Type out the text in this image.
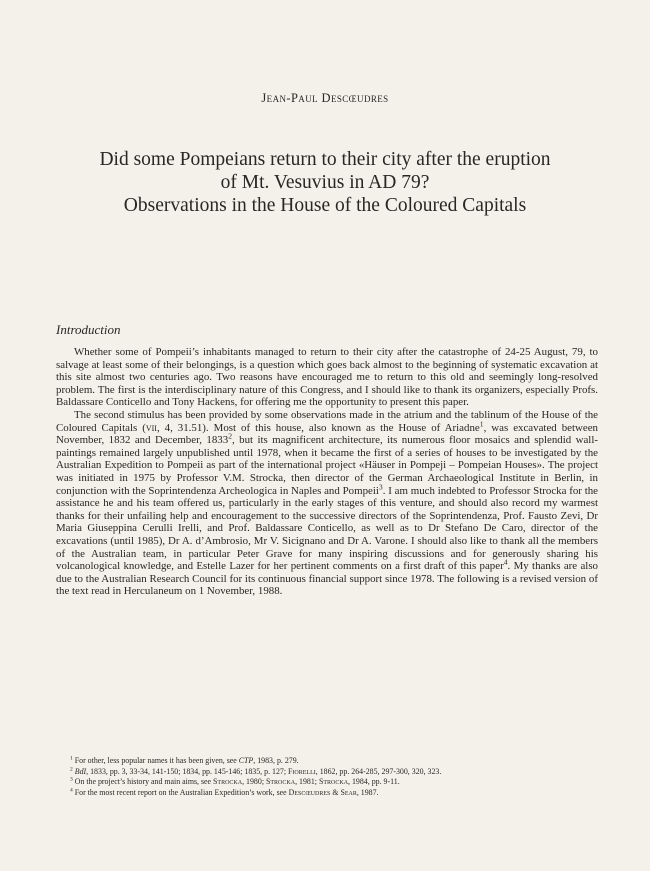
Jean-Paul Descœudres
Did some Pompeians return to their city after the eruption
of Mt. Vesuvius in AD 79?
Observations in the House of the Coloured Capitals
Introduction

Whether some of Pompeii’s inhabitants managed to return to their city after the catastrophe of 24-25 August, 79, to salvage at least some of their belongings, is a question which goes back almost to the beginning of systematic excavation at this site almost two centuries ago. Two reasons have encouraged me to return to this old and seemingly long-resolved problem. The first is the interdisciplinary nature of this Congress, and I should like to thank its organizers, especially Profs. Baldassare Conticello and Tony Hackens, for offering me the opportunity to present this paper.

The second stimulus has been provided by some observations made in the atrium and the tablinum of the House of the Coloured Capitals (vii, 4, 31.51). Most of this house, also known as the House of Ariadne$^1$, was excavated between November, 1832 and December, 1833$^2$, but its magnificent architecture, its numerous floor mosaics and splendid wall-paintings remained largely unpublished until 1978, when it became the first of a series of houses to be investigated by the Australian Expedition to Pompeii as part of the international project «Häuser in Pompeji – Pompeian Houses». The project was initiated in 1975 by Professor V.M. Strocka, then director of the German Archaeological Institute in Berlin, in conjunction with the Soprintendenza Archeologica in Naples and Pompeii$^3$. I am much indebted to Professor Strocka for the assistance he and his team offered us, particularly in the early stages of this venture, and should also record my warmest thanks for their unfailing help and encouragement to the successive directors of the Soprintendenza, Prof. Fausto Zevi, Dr Maria Giuseppina Cerulli Irelli, and Prof. Baldassare Conticello, as well as to Dr Stefano De Caro, director of the excavations (until 1985), Dr A. d’Ambrosio, Mr V. Sicignano and Dr A. Varone. I should also like to thank all the members of the Australian team, in particular Peter Grave for many inspiring discussions and for generously sharing his volcanological knowledge, and Estelle Lazer for her pertinent comments on a first draft of this paper$^4$. My thanks are also due to the Australian Research Council for its continuous financial support since 1978. The following is a revised version of the text read in Herculaneum on 1 November, 1988.

$^1$ For other, less popular names it has been given, see CTP, 1983, p. 279.
$^2$ BdI, 1833, pp. 3, 33-34, 141-150; 1834, pp. 145-146; 1835, p. 127; Fiorelli, 1862, pp. 264-285, 297-300, 320, 323.
$^3$ On the project’s history and main aims, see Strocka, 1980; Strocka, 1981; Strocka, 1984, pp. 9-11.
$^4$ For the most recent report on the Australian Expedition’s work, see Descœudres & Sear, 1987.
